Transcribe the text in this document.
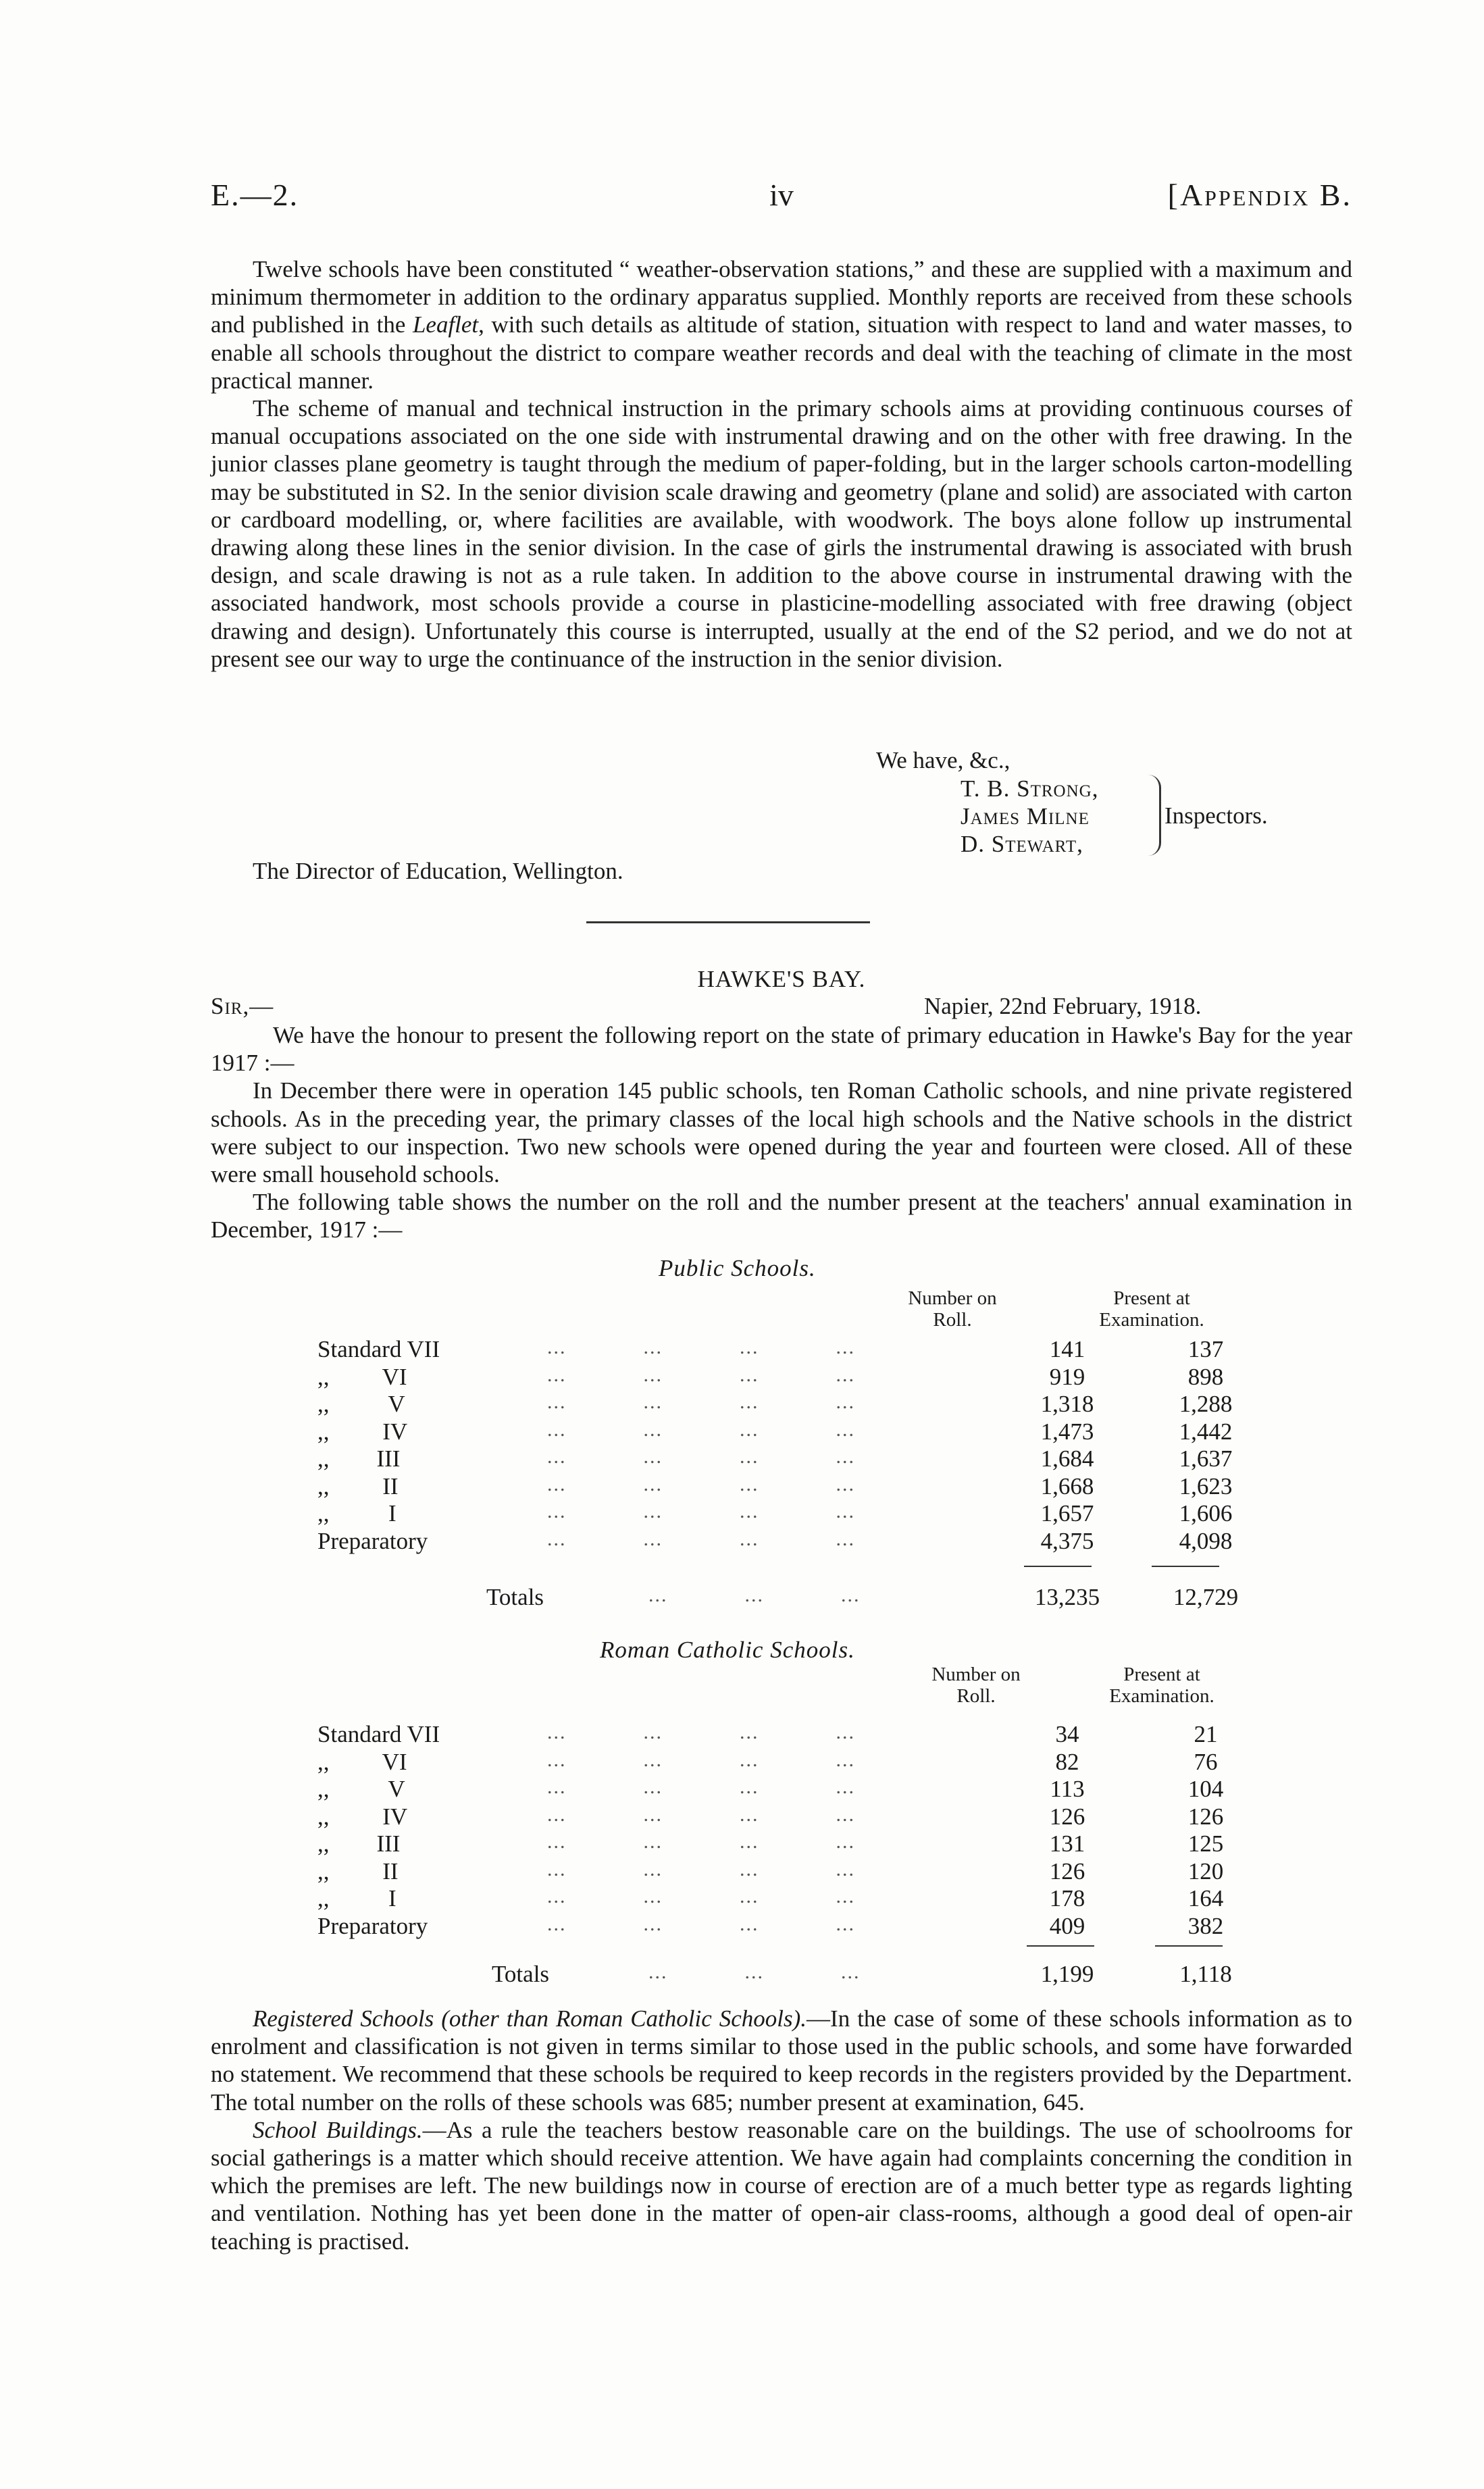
E.—2.	iv	[Appendix B.

Twelve schools have been constituted “ weather-observation stations,” and these are supplied with a maximum and minimum thermometer in addition to the ordinary apparatus supplied. Monthly reports are received from these schools and published in the Leaflet, with such details as altitude of station, situation with respect to land and water masses, to enable all schools throughout the district to compare weather records and deal with the teaching of climate in the most practical manner.

The scheme of manual and technical instruction in the primary schools aims at providing continuous courses of manual occupations associated on the one side with instrumental drawing and on the other with free drawing. In the junior classes plane geometry is taught through the medium of paper-folding, but in the larger schools carton-modelling may be substituted in S2. In the senior division scale drawing and geometry (plane and solid) are associated with carton or cardboard modelling, or, where facilities are available, with woodwork. The boys alone follow up instrumental drawing along these lines in the senior division. In the case of girls the instrumental drawing is associated with brush design, and scale drawing is not as a rule taken. In addition to the above course in instrumental drawing with the associated handwork, most schools provide a course in plasticine-modelling associated with free drawing (object drawing and design). Unfortunately this course is interrupted, usually at the end of the S2 period, and we do not at present see our way to urge the continuance of the instruction in the senior division.

We have, &c.,
T. B. Strong,
James Milne
D. Stewart,
Inspectors.
The Director of Education, Wellington.
HAWKE'S BAY.
Sir,—	Napier, 22nd February, 1918.

We have the honour to present the following report on the state of primary education in Hawke's Bay for the year 1917 :—

In December there were in operation 145 public schools, ten Roman Catholic schools, and nine private registered schools. As in the preceding year, the primary classes of the local high schools and the Native schools in the district were subject to our inspection. Two new schools were opened during the year and fourteen were closed. All of these were small household schools.

The following table shows the number on the roll and the number present at the teachers' annual examination in December, 1917 :—

Public Schools.
Number on Roll.
Present at Examination.
Standard VII	...            ...            ...            ...	141	137
,,         VI	...            ...            ...            ...	919	898
,,          V	...            ...            ...            ...	1,318	1,288
,,         IV	...            ...            ...            ...	1,473	1,442
,,        III	...            ...            ...            ...	1,684	1,637
,,         II	...            ...            ...            ...	1,668	1,623
,,          I	...            ...            ...            ...	1,657	1,606
Preparatory	...            ...            ...            ...	4,375	4,098
Totals	...            ...            ...	13,235	12,729
Roman Catholic Schools.
Number on Roll.
Present at Examination.
Standard VII	...            ...            ...            ...	34	21
,,         VI	...            ...            ...            ...	82	76
,,          V	...            ...            ...            ...	113	104
,,         IV	...            ...            ...            ...	126	126
,,        III	...            ...            ...            ...	131	125
,,         II	...            ...            ...            ...	126	120
,,          I	...            ...            ...            ...	178	164
Preparatory	...            ...            ...            ...	409	382
Totals	...            ...            ...	1,199	1,118

Registered Schools (other than Roman Catholic Schools).—In the case of some of these schools information as to enrolment and classification is not given in terms similar to those used in the public schools, and some have forwarded no statement. We recommend that these schools be required to keep records in the registers provided by the Department. The total number on the rolls of these schools was 685; number present at examination, 645.

School Buildings.—As a rule the teachers bestow reasonable care on the buildings. The use of schoolrooms for social gatherings is a matter which should receive attention. We have again had complaints concerning the condition in which the premises are left. The new buildings now in course of erection are of a much better type as regards lighting and ventilation. Nothing has yet been done in the matter of open-air class-rooms, although a good deal of open-air teaching is practised.
